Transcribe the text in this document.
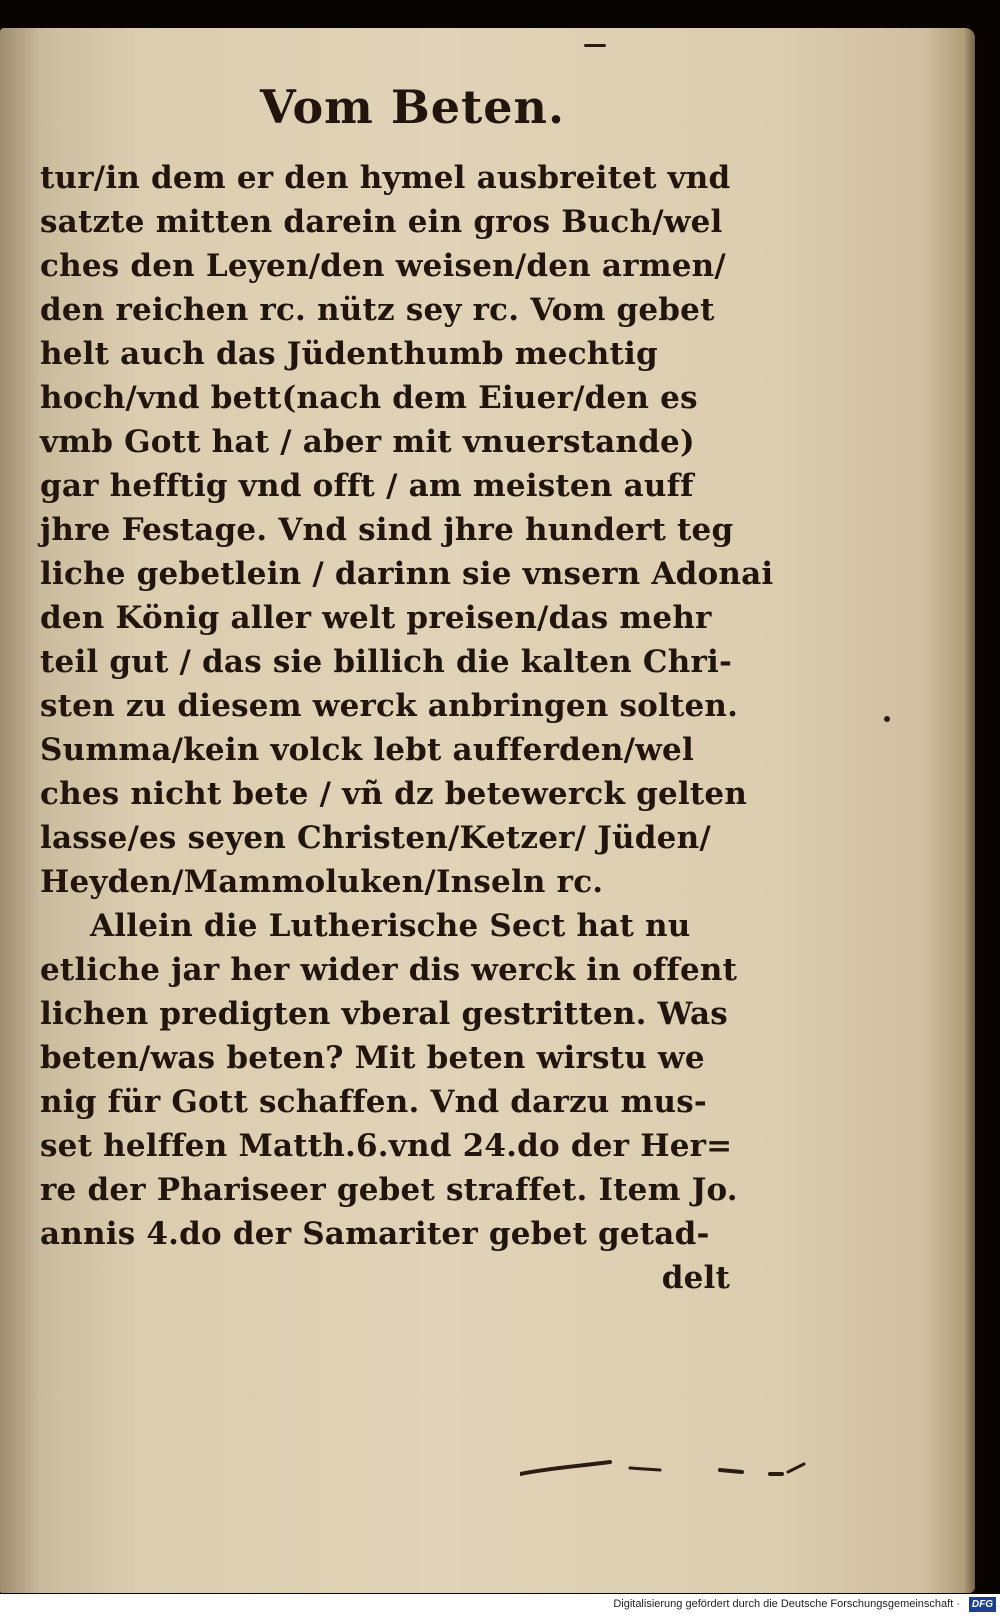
Vom Beten.
tur/in dem er den hymel ausbreitet vnd
satzte mitten darein ein gros Buch/wel
ches den Leyen/den weisen/den armen/
den reichen rc. nütz sey rc. Vom gebet
helt auch das Jüdenthumb mechtig
hoch/vnd bett(nach dem Eiuer/den es
vmb Gott hat / aber mit vnuerstande)
gar hefftig vnd offt / am meisten auff
jhre Festage. Vnd sind jhre hundert teg
liche gebetlein / darinn sie vnsern Adonai
den König aller welt preisen/das mehr
teil gut / das sie billich die kalten Chri-
sten zu diesem werck anbringen solten.
Summa/kein volck lebt aufferden/wel
ches nicht bete / vñ dz betewerck gelten
lasse/es seyen Christen/Ketzer/ Jüden/
Heyden/Mammoluken/Inseln rc.
Allein die Lutherische Sect hat nu
etliche jar her wider dis werck in offent
lichen predigten vberal gestritten. Was
beten/was beten? Mit beten wirstu we
nig für Gott schaffen. Vnd darzu mus-
set helffen Matth.6.vnd 24.do der Her=
re der Phariseer gebet straffet. Item Jo.
annis 4.do der Samariter gebet getad-
delt
Digitalisierung gefördert durch die Deutsche Forschungsgemeinschaft ·	DFG
